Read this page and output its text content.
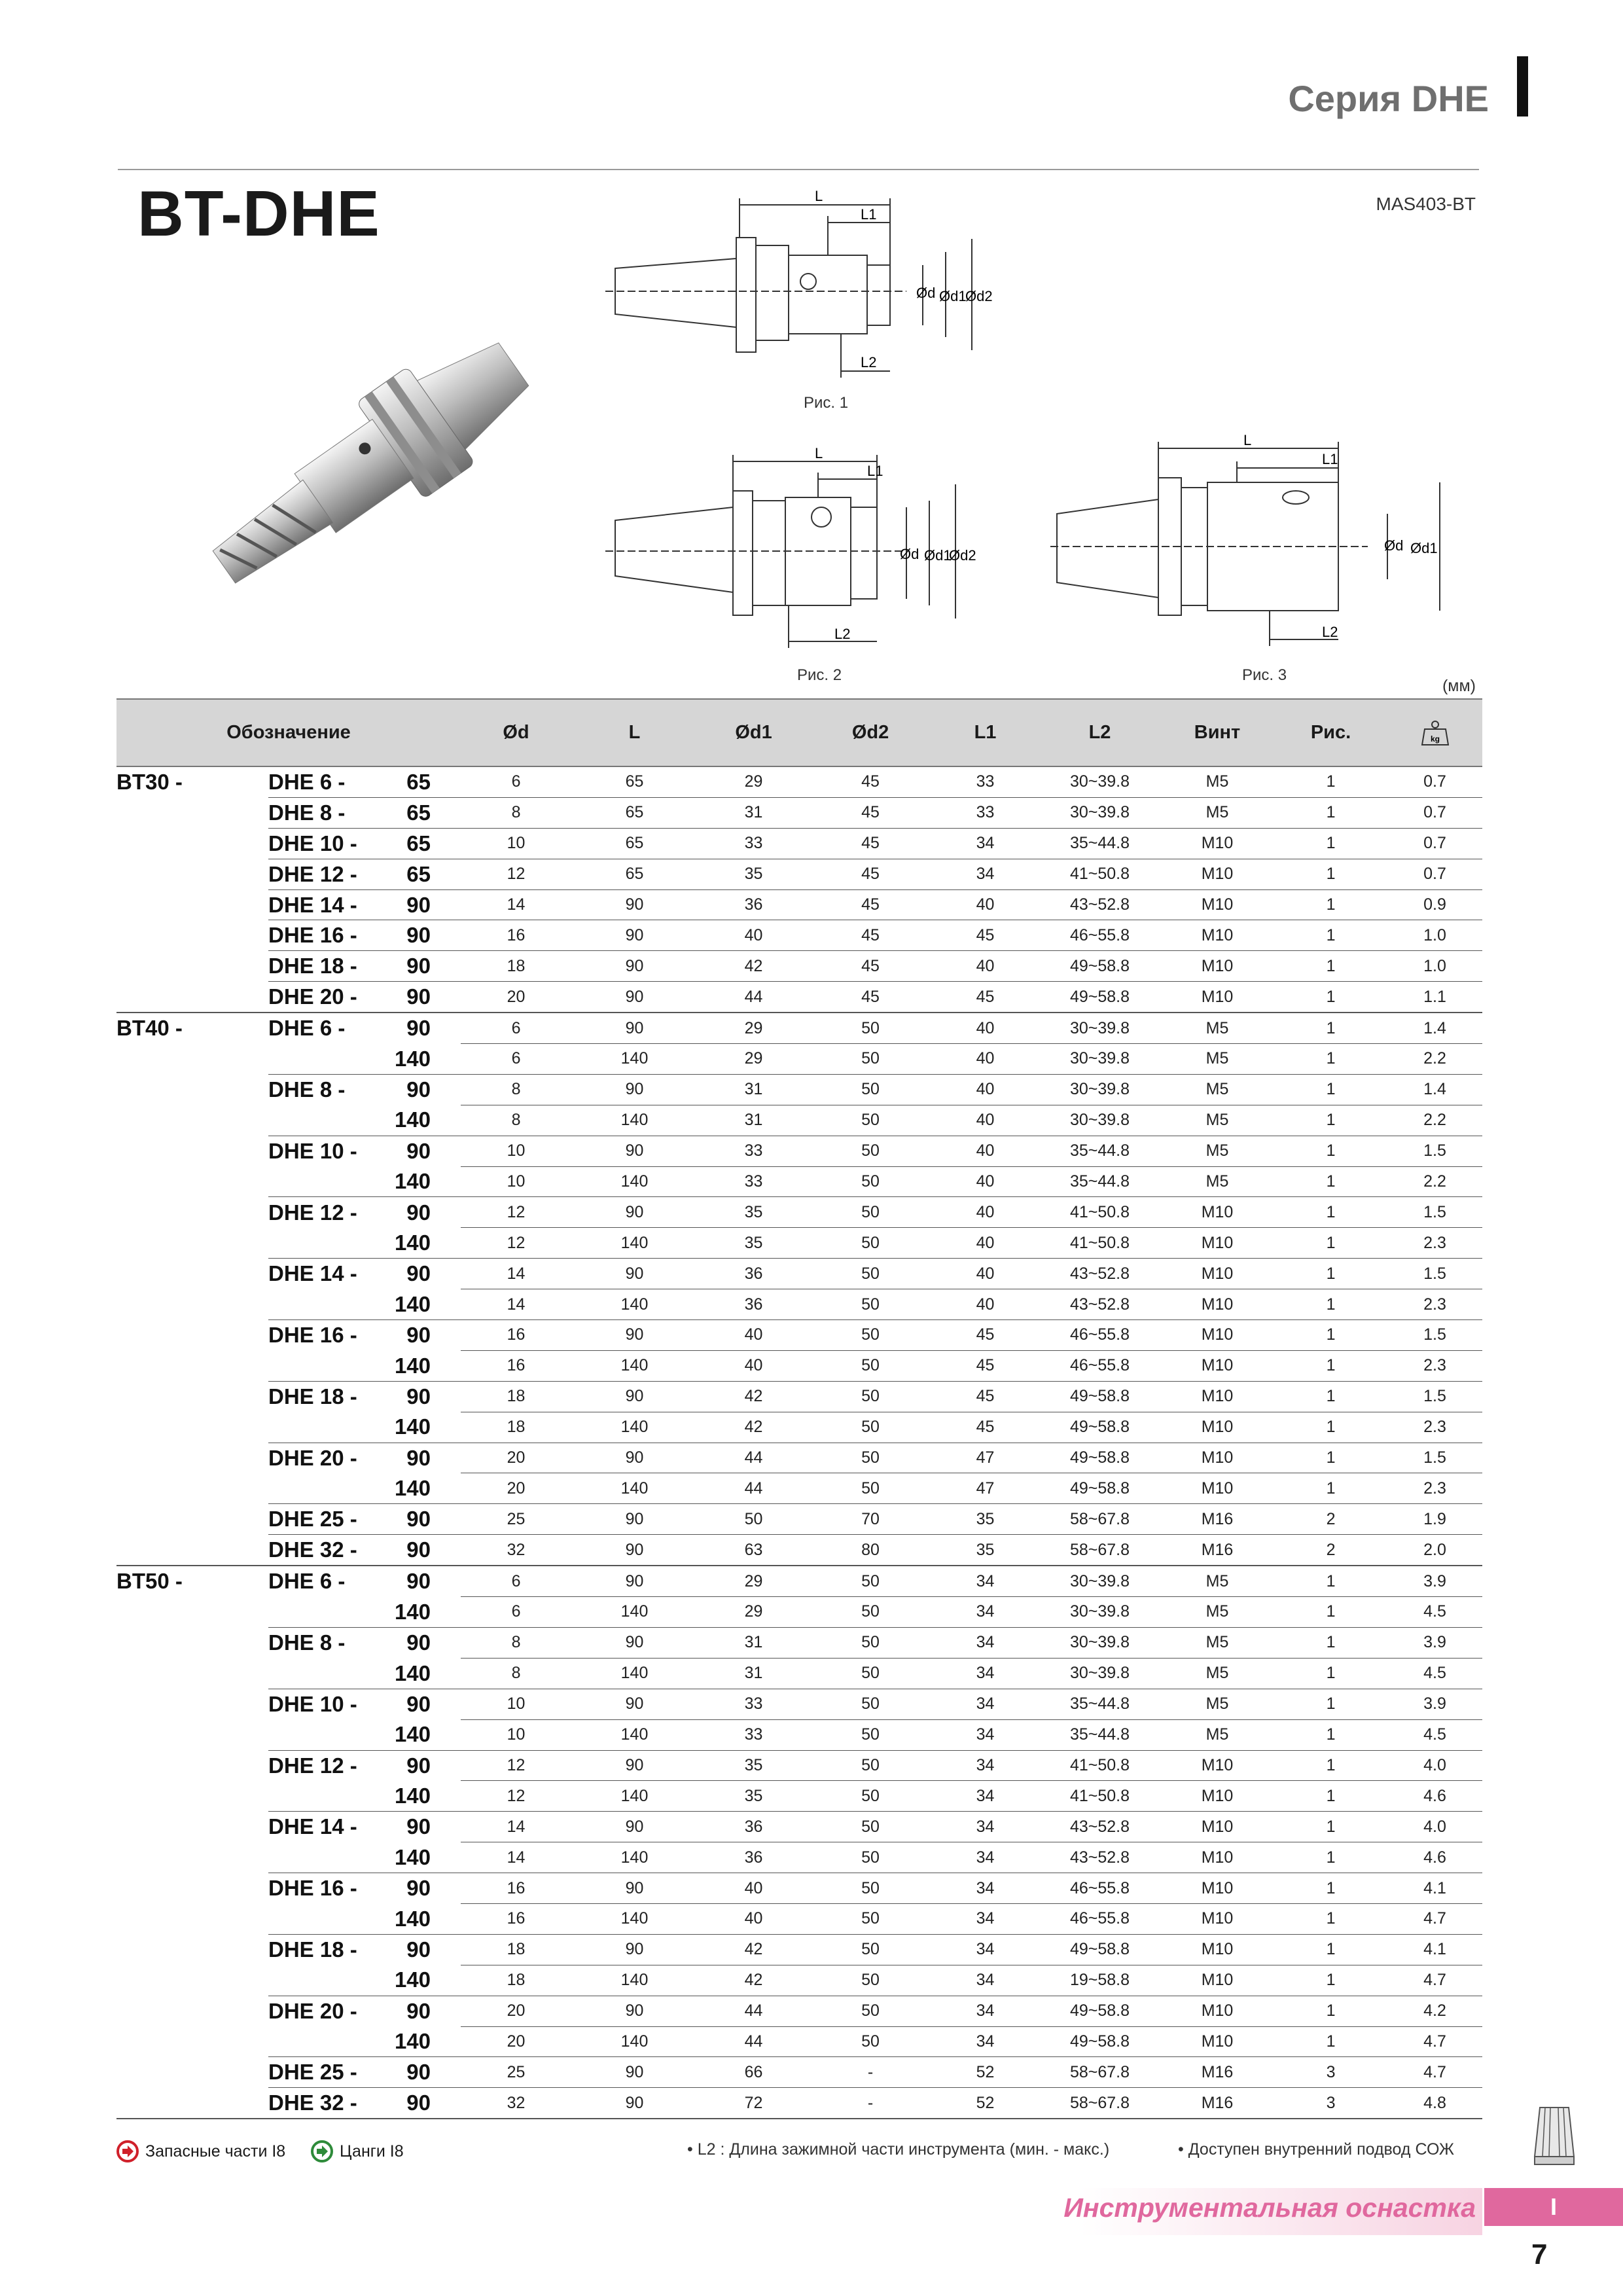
Серия DHE
BT-DHE	MAS403-BT
L
L1
L2
Ød Ød1
Ød2
Рис. 1
L
L1
L2
Ød Ød1
Ød2
Рис. 2
L
L1
L2
Ød Ød1
Рис. 3
(мм)
Обозначение		Ød	L	Ød1	Ød2	L1	L2	Винт	Рис.	kg

BT30 -	DHE 6 - 65	6	65	29	45	33	30~39.8	M5	1	0.7
	DHE 8 - 65	8	65	31	45	33	30~39.8	M5	1	0.7
	DHE 10 - 65	10	65	33	45	34	35~44.8	M10	1	0.7
	DHE 12 - 65	12	65	35	45	34	41~50.8	M10	1	0.7
	DHE 14 - 90	14	90	36	45	40	43~52.8	M10	1	0.9
	DHE 16 - 90	16	90	40	45	45	46~55.8	M10	1	1.0
	DHE 18 - 90	18	90	42	45	40	49~58.8	M10	1	1.0
	DHE 20 - 90	20	90	44	45	45	49~58.8	M10	1	1.1
BT40 -	DHE 6 - 90	6	90	29	50	40	30~39.8	M5	1	1.4
	140	6	140	29	50	40	30~39.8	M5	1	2.2
	DHE 8 - 90	8	90	31	50	40	30~39.8	M5	1	1.4
	140	8	140	31	50	40	30~39.8	M5	1	2.2
	DHE 10 - 90	10	90	33	50	40	35~44.8	M5	1	1.5
	140	10	140	33	50	40	35~44.8	M5	1	2.2
	DHE 12 - 90	12	90	35	50	40	41~50.8	M10	1	1.5
	140	12	140	35	50	40	41~50.8	M10	1	2.3
	DHE 14 - 90	14	90	36	50	40	43~52.8	M10	1	1.5
	140	14	140	36	50	40	43~52.8	M10	1	2.3
	DHE 16 - 90	16	90	40	50	45	46~55.8	M10	1	1.5
	140	16	140	40	50	45	46~55.8	M10	1	2.3
	DHE 18 - 90	18	90	42	50	45	49~58.8	M10	1	1.5
	140	18	140	42	50	45	49~58.8	M10	1	2.3
	DHE 20 - 90	20	90	44	50	47	49~58.8	M10	1	1.5
	140	20	140	44	50	47	49~58.8	M10	1	2.3
	DHE 25 - 90	25	90	50	70	35	58~67.8	M16	2	1.9
	DHE 32 - 90	32	90	63	80	35	58~67.8	M16	2	2.0
BT50 -	DHE 6 - 90	6	90	29	50	34	30~39.8	M5	1	3.9
	140	6	140	29	50	34	30~39.8	M5	1	4.5
	DHE 8 - 90	8	90	31	50	34	30~39.8	M5	1	3.9
	140	8	140	31	50	34	30~39.8	M5	1	4.5
	DHE 10 - 90	10	90	33	50	34	35~44.8	M5	1	3.9
	140	10	140	33	50	34	35~44.8	M5	1	4.5
	DHE 12 - 90	12	90	35	50	34	41~50.8	M10	1	4.0
	140	12	140	35	50	34	41~50.8	M10	1	4.6
	DHE 14 - 90	14	90	36	50	34	43~52.8	M10	1	4.0
	140	14	140	36	50	34	43~52.8	M10	1	4.6
	DHE 16 - 90	16	90	40	50	34	46~55.8	M10	1	4.1
	140	16	140	40	50	34	46~55.8	M10	1	4.7
	DHE 18 - 90	18	90	42	50	34	49~58.8	M10	1	4.1
	140	18	140	42	50	34	19~58.8	M10	1	4.7
	DHE 20 - 90	20	90	44	50	34	49~58.8	M10	1	4.2
	140	20	140	44	50	34	49~58.8	M10	1	4.7
	DHE 25 - 90	25	90	66	-	52	58~67.8	M16	3	4.7
	DHE 32 - 90	32	90	72	-	52	58~67.8	M16	3	4.8
Запасные части I8	Цанги I8	• L2 : Длина зажимной части инструмента (мин. - макс.)	• Доступен внутренний подвод СОЖ
Инструментальная оснастка	I
7
